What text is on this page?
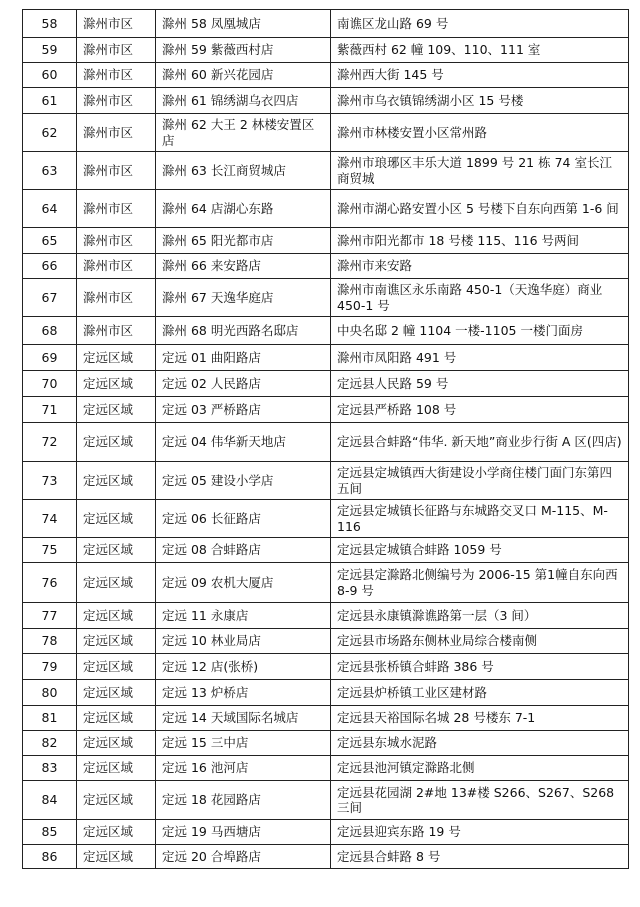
58	滁州市区	滁州 58 凤凰城店	南谯区龙山路 69 号
59	滁州市区	滁州 59 紫薇西村店	紫薇西村 62 幢 109、110、111 室
60	滁州市区	滁州 60 新兴花园店	滁州西大街 145 号
61	滁州市区	滁州 61 锦绣湖乌衣四店	滁州市乌衣镇锦绣湖小区 15 号楼
62	滁州市区	滁州 62 大王 2 林楼安置区店	滁州市林楼安置小区常州路
63	滁州市区	滁州 63 长江商贸城店	滁州市琅琊区丰乐大道 1899 号 21 栋 74 室长江商贸城
64	滁州市区	滁州 64 店湖心东路	滁州市湖心路安置小区 5 号楼下自东向西第 1-6 间
65	滁州市区	滁州 65 阳光都市店	滁州市阳光都市 18 号楼 115、116 号两间
66	滁州市区	滁州 66 来安路店	滁州市来安路
67	滁州市区	滁州 67 天逸华庭店	滁州市南谯区永乐南路 450-1（天逸华庭）商业 450-1 号
68	滁州市区	滁州 68 明光西路名邸店	中央名邸 2 幢 1104 一楼-1105 一楼门面房
69	定远区域	定远 01 曲阳路店	滁州市凤阳路 491 号
70	定远区域	定远 02 人民路店	定远县人民路 59 号
71	定远区域	定远 03 严桥路店	定远县严桥路 108 号
72	定远区域	定远 04 伟华新天地店	定远县合蚌路“伟华. 新天地”商业步行街 A 区(四店)
73	定远区域	定远 05 建设小学店	定远县定城镇西大街建设小学商住楼门面门东第四五间
74	定远区域	定远 06 长征路店	定远县定城镇长征路与东城路交叉口 M-115、M-116
75	定远区域	定远 08 合蚌路店	定远县定城镇合蚌路 1059 号
76	定远区域	定远 09 农机大厦店	定远县定滁路北侧编号为 2006-15 第1幢自东向西 8-9 号
77	定远区域	定远 11 永康店	定远县永康镇滁谯路第一层（3 间）
78	定远区域	定远 10 林业局店	定远县市场路东侧林业局综合楼南侧
79	定远区域	定远 12 店(张桥)	定远县张桥镇合蚌路 386 号
80	定远区域	定远 13 炉桥店	定远县炉桥镇工业区建材路
81	定远区域	定远 14 天域国际名城店	定远县天裕国际名城 28 号楼东 7-1
82	定远区域	定远 15 三中店	定远县东城水泥路
83	定远区域	定远 16 池河店	定远县池河镇定滁路北侧
84	定远区域	定远 18 花园路店	定远县花园湖 2#地 13#楼 S266、S267、S268 三间
85	定远区域	定远 19 马西塘店	定远县迎宾东路 19 号
86	定远区域	定远 20 合埠路店	定远县合蚌路 8 号
